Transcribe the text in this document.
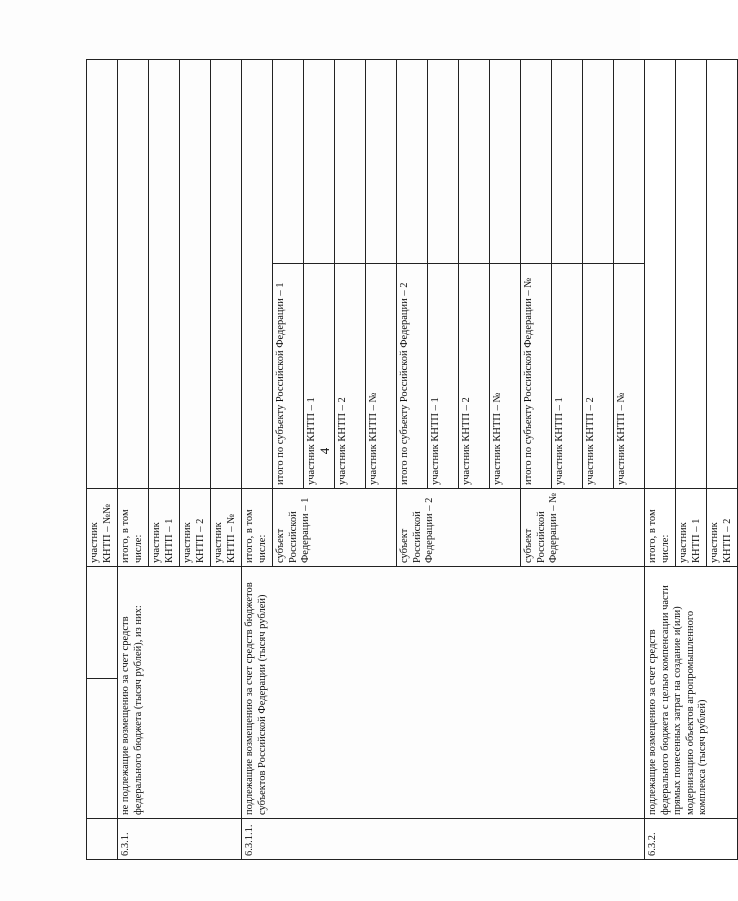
4
			участник КНТП – №№		
6.3.1.	не подлежащие возмещению за счет средств федерального бюджета (тысяч рублей), из них:		итого, в том числе:		
			участник КНТП – 1		
			участник КНТП – 2		
			участник КНТП – №		
6.3.1.1.	подлежащие возмещению за счет средств бюджетов субъектов Российской Федерации (тысяч рублей)		итого, в том числе:		
			субъект Российской Федерации – 1	итого по субъекту Российской Федерации – 1	
				участник КНТП – 1	
				участник КНТП – 2	
				участник КНТП – №	
			субъект Российской Федерации – 2	итого по субъекту Российской Федерации – 2	
				участник КНТП – 1	
				участник КНТП – 2	
				участник КНТП – №	
			субъект Российской Федерации – №	итого по субъекту Российской Федерации – №	
				участник КНТП – 1	
				участник КНТП – 2	
				участник КНТП – №	
6.3.2.	подлежащие возмещению за счет средств федерального бюджета с целью компенсации части прямых понесенных затрат на создание и(или) модернизацию объектов агропромышленного комплекса (тысяч рублей)		итого, в том числе:		
			участник КНТП – 1		
			участник КНТП – 2		
